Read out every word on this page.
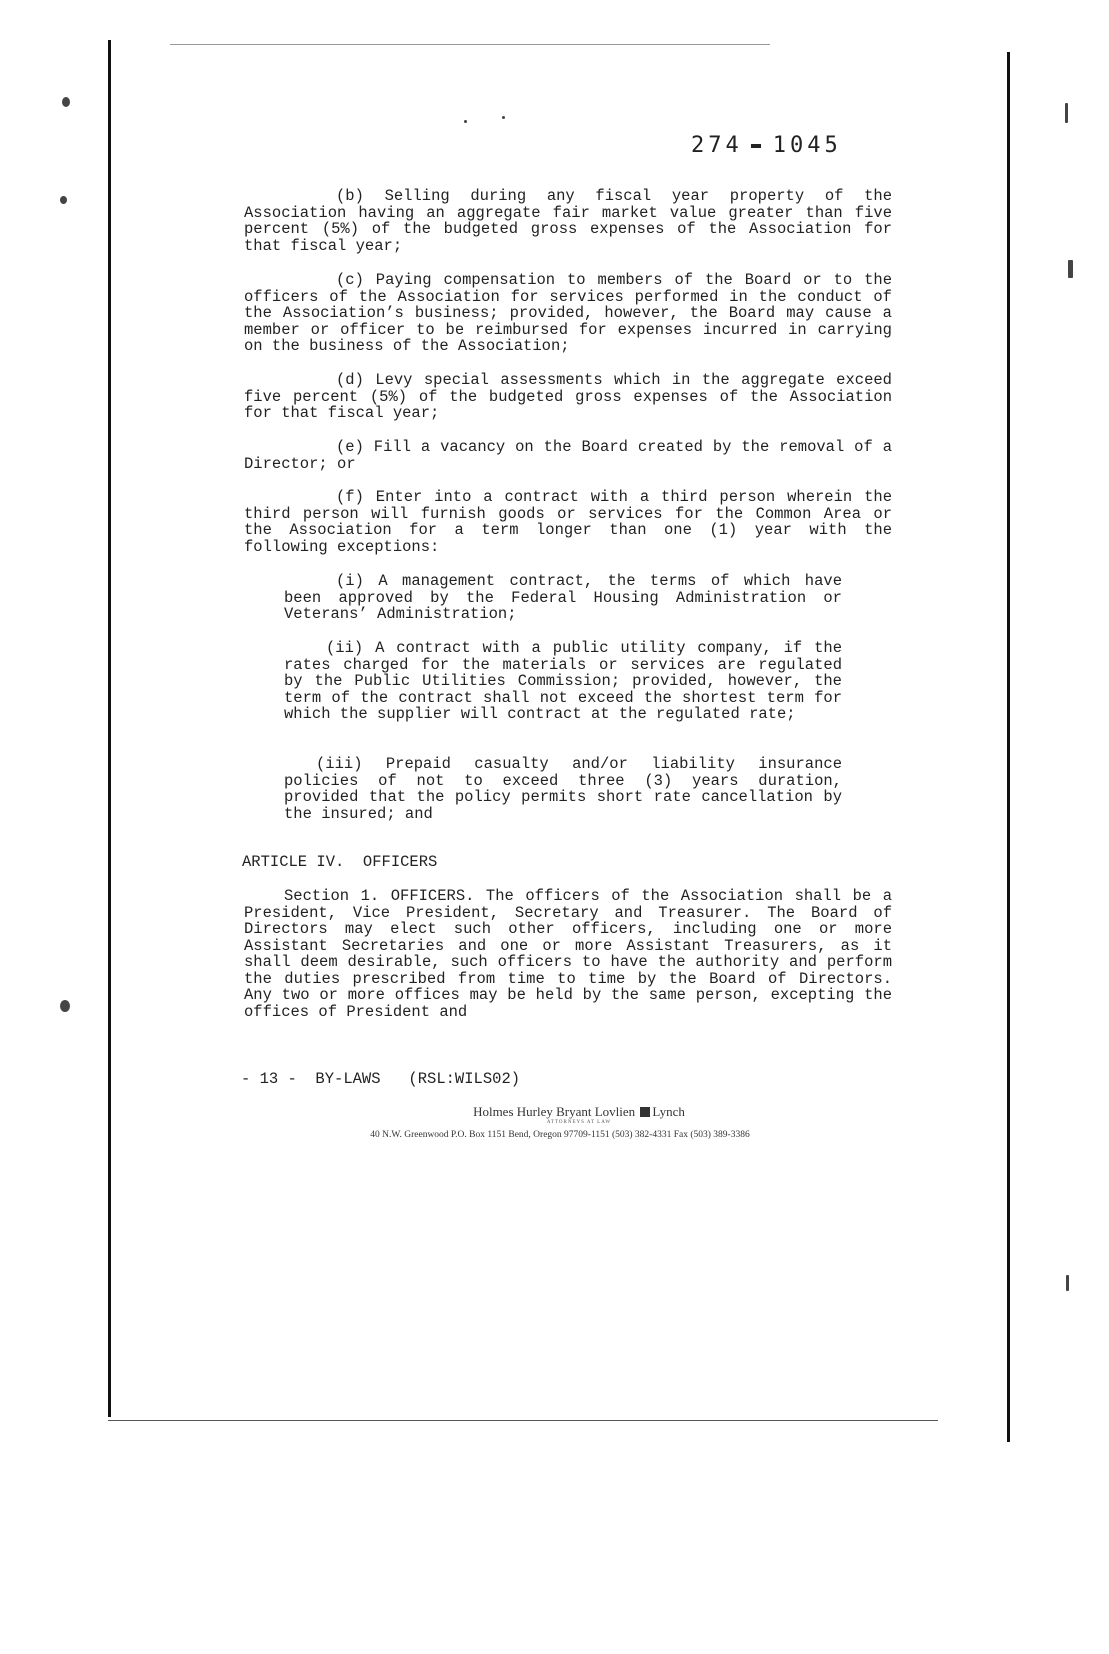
274 1045

(b) Selling during any fiscal year property of the Association having an aggregate fair market value greater than five percent (5%) of the budgeted gross expenses of the Association for that fiscal year;

(c) Paying compensation to members of the Board or to the officers of the Association for services performed in the conduct of the Association’s business; provided, however, the Board may cause a member or officer to be reimbursed for expenses incurred in carrying on the business of the Association;

(d) Levy special assessments which in the aggregate exceed five percent (5%) of the budgeted gross expenses of the Association for that fiscal year;

(e) Fill a vacancy on the Board created by the removal of a Director; or

(f) Enter into a contract with a third person wherein the third person will furnish goods or services for the Common Area or the Association for a term longer than one (1) year with the following exceptions:

(i) A management contract, the terms of which have been approved by the Federal Housing Administration or Veterans’ Administration;

(ii) A contract with a public utility company, if the rates charged for the materials or services are regulated by the Public Utilities Commission; provided, however, the term of the contract shall not exceed the shortest term for which the supplier will contract at the regulated rate;

(iii) Prepaid casualty and/or liability insurance policies of not to exceed three (3) years duration, provided that the policy permits short rate cancellation by the insured; and

ARTICLE IV.  OFFICERS

Section 1. OFFICERS. The officers of the Association shall be a President, Vice President, Secretary and Treasurer. The Board of Directors may elect such other officers, including one or more Assistant Secretaries and one or more Assistant Treasurers, as it shall deem desirable, such officers to have the authority and perform the duties prescribed from time to time by the Board of Directors. Any two or more offices may be held by the same person, excepting the offices of President and

- 13 -  BY-LAWS   (RSL:WILS02)
Holmes Hurley Bryant Lovlien Lynch
ATTORNEYS AT LAW
40 N.W. Greenwood P.O. Box 1151 Bend, Oregon 97709-1151 (503) 382-4331 Fax (503) 389-3386
